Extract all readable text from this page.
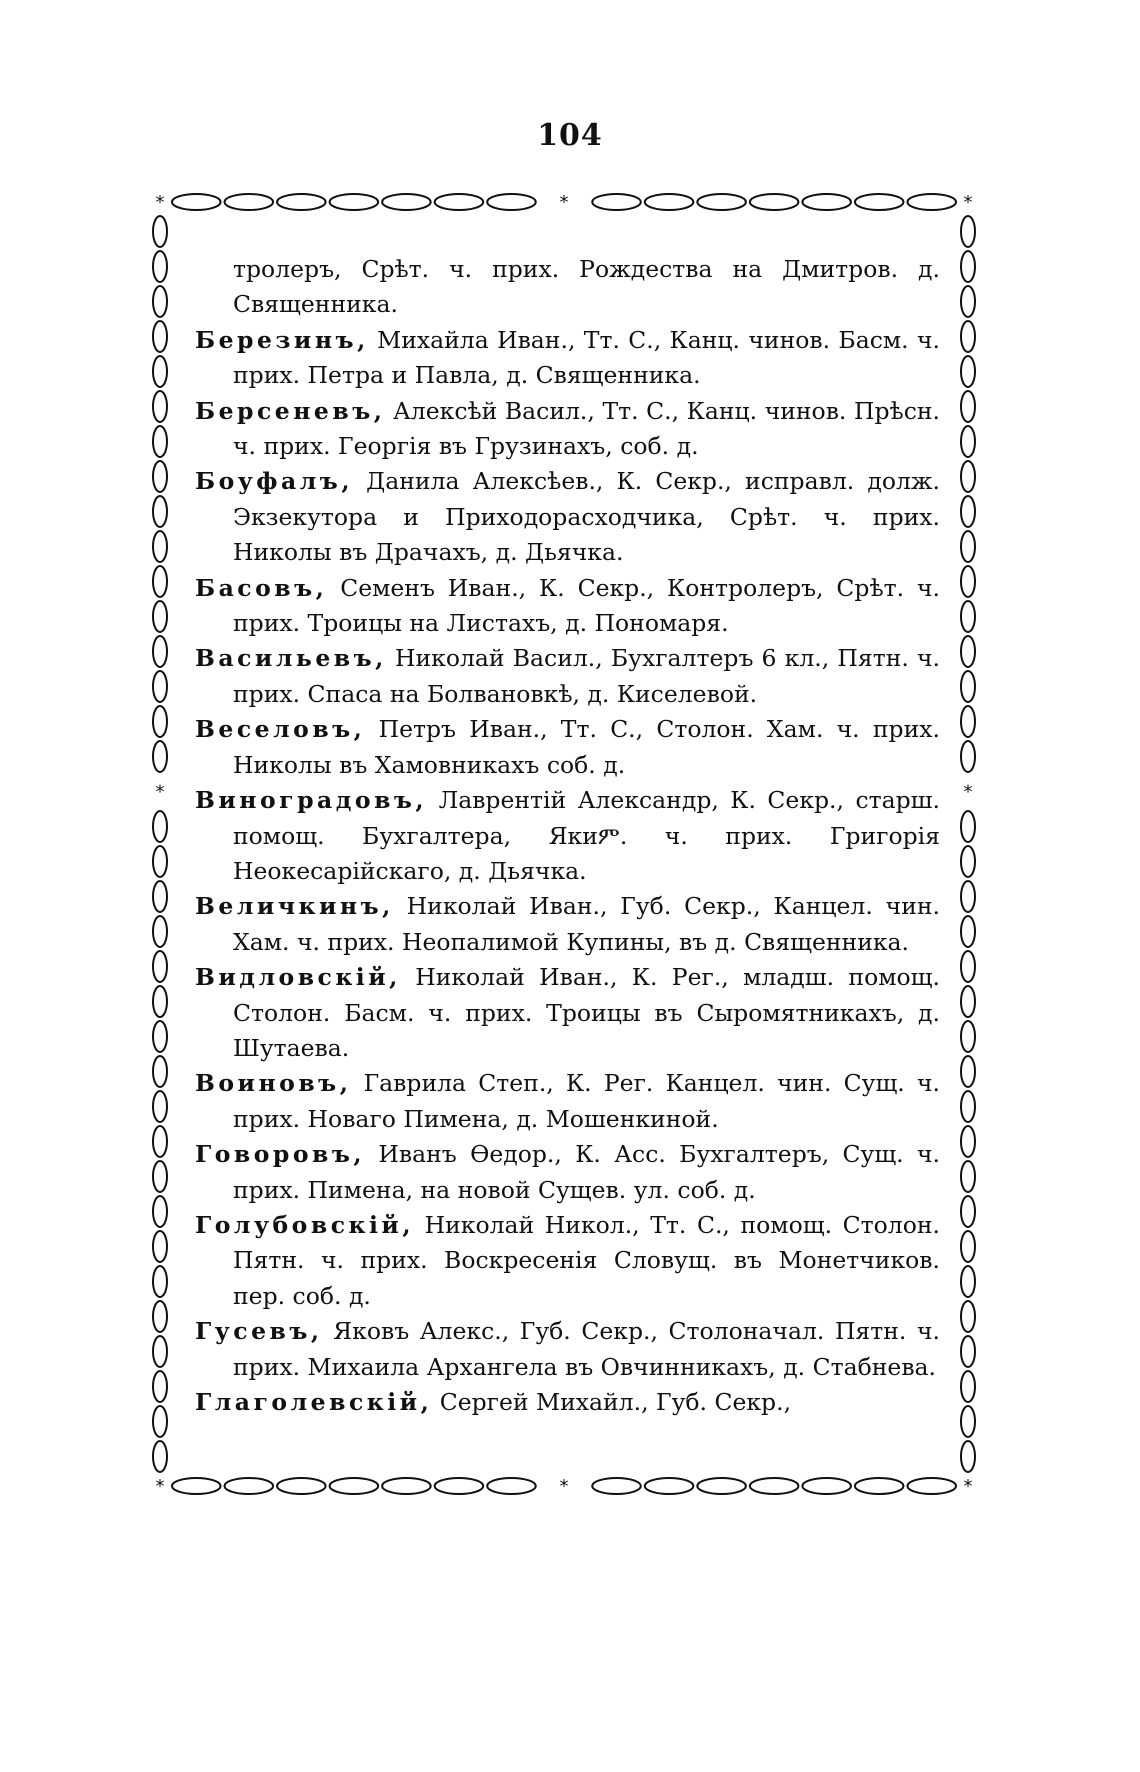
104
*
*
*	*
*	*
*	*

тролеръ, Срѣт. ч. прих. Рождества на Дмитров. д. Священника.

Березинъ, Михайла Иван., Тт. С., Канц. чинов. Басм. ч. прих. Петра и Павла, д. Священника.

Берсеневъ, Алексѣй Васил., Тт. С., Канц. чинов. Прѣсн. ч. прих. Георгія въ Грузинахъ, соб. д.

Боуфалъ, Данила Алексѣев., К. Секр., исправл. долж. Экзекутора и Приходорасходчика, Срѣт. ч. прих. Николы въ Драчахъ, д. Дьячка.

Басовъ, Семенъ Иван., К. Секр., Контролеръ, Срѣт. ч. прих. Троицы на Листахъ, д. Пономаря.

Васильевъ, Николай Васил., Бухгалтеръ 6 кл., Пятн. ч. прих. Спаса на Болвановкѣ, д. Киселевой.

Веселовъ, Петръ Иван., Тт. С., Столон. Хам. ч. прих. Николы въ Хамовникахъ соб. д.

Виноградовъ, Лаврентій Александр, К. Секр., старш. помощ. Бухгалтера, Якиም. ч. прих. Григорія Неокесарійскаго, д. Дьячка.

Величкинъ, Николай Иван., Губ. Секр., Канцел. чин. Хам. ч. прих. Неопалимой Купины, въ д. Священника.

Видловскій, Николай Иван., К. Рег., младш. помощ. Столон. Басм. ч. прих. Троицы въ Сыромятникахъ, д. Шутаева.

Воиновъ, Гаврила Степ., К. Рег. Канцел. чин. Сущ. ч. прих. Новаго Пимена, д. Мошенкиной.

Говоровъ, Иванъ Ѳедор., К. Асс. Бухгалтеръ, Сущ. ч. прих. Пимена, на новой Сущев. ул. соб. д.

Голубовскій, Николай Никол., Тт. С., помощ. Столон. Пятн. ч. прих. Воскресенія Словущ. въ Монетчиков. пер. соб. д.

Гусевъ, Яковъ Алекс., Губ. Секр., Столоначал. Пятн. ч. прих. Михаила Архангела въ Овчинникахъ, д. Стабнева.

Глаголевскій, Сергей Михайл., Губ. Секр.,
